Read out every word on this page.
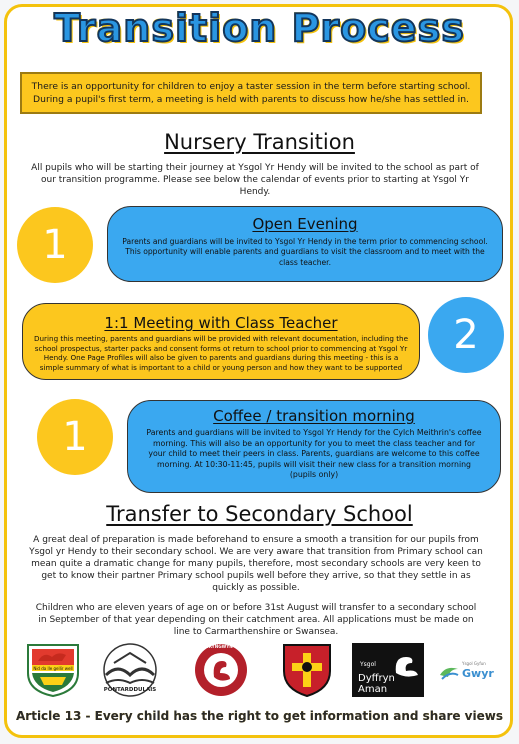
Transition Process
There is an opportunity for children to enjoy a taster session in the term before starting school.
During a pupil's first term, a meeting is held with parents to discuss how he/she has settled in.
Nursery Transition
All pupils who will be starting their journey at Ysgol Yr Hendy will be invited to the school as part of our transition programme. Please see below the calendar of events prior to starting at Ysgol Yr Hendy.
1	Open Evening
Parents and guardians will be invited to Ysgol Yr Hendy in the term prior to commencing school. This opportunity will enable parents and guardians to visit the classroom and to meet with the class teacher.
1:1 Meeting with Class Teacher
During this meeting, parents and guardians will be provided with relevant documentation, including the school prospectus, starter packs and consent forms ot return to school prior to commencing at Ysgol Yr Hendy. One Page Profiles will also be given to parents and guardians during this meeting - this is a simple summary of what is important to a child or young person and how they want to be supported
2
1	Coffee / transition morning
Parents and guardians will be invited to Ysgol Yr Hendy for the Cylch Meithrin's coffee morning. This will also be an opportunity for you to meet the class teacher and for your child to meet their peers in class. Parents, guardians are welcome to this coffee morning. At 10:30-11:45, pupils will visit their new class for a transition morning (pupils only)
Transfer to Secondary School
A great deal of preparation is made beforehand to ensure a smooth a transition for our pupils from Ysgol yr Hendy to their secondary school. We are very aware that transition from Primary school can mean quite a dramatic change for many pupils, therefore, most secondary schools are very keen to get to know their partner Primary school pupils well before they arrive, so that they settle in as quickly as possible.
Children who are eleven years of age on or before 31st August will transfer to a secondary school in September of that year depending on their catchment area. All applications must be made on line to Carmarthenshire or Swansea.
Nid da lle gellir well
PONTARDDULAIS
YSGOL BRYNGWYN SCHOOL
Ysgol
Dyffryn Aman
Ysgol Gyfun
Gwyr
Article 13 - Every child has the right to get information and share views
